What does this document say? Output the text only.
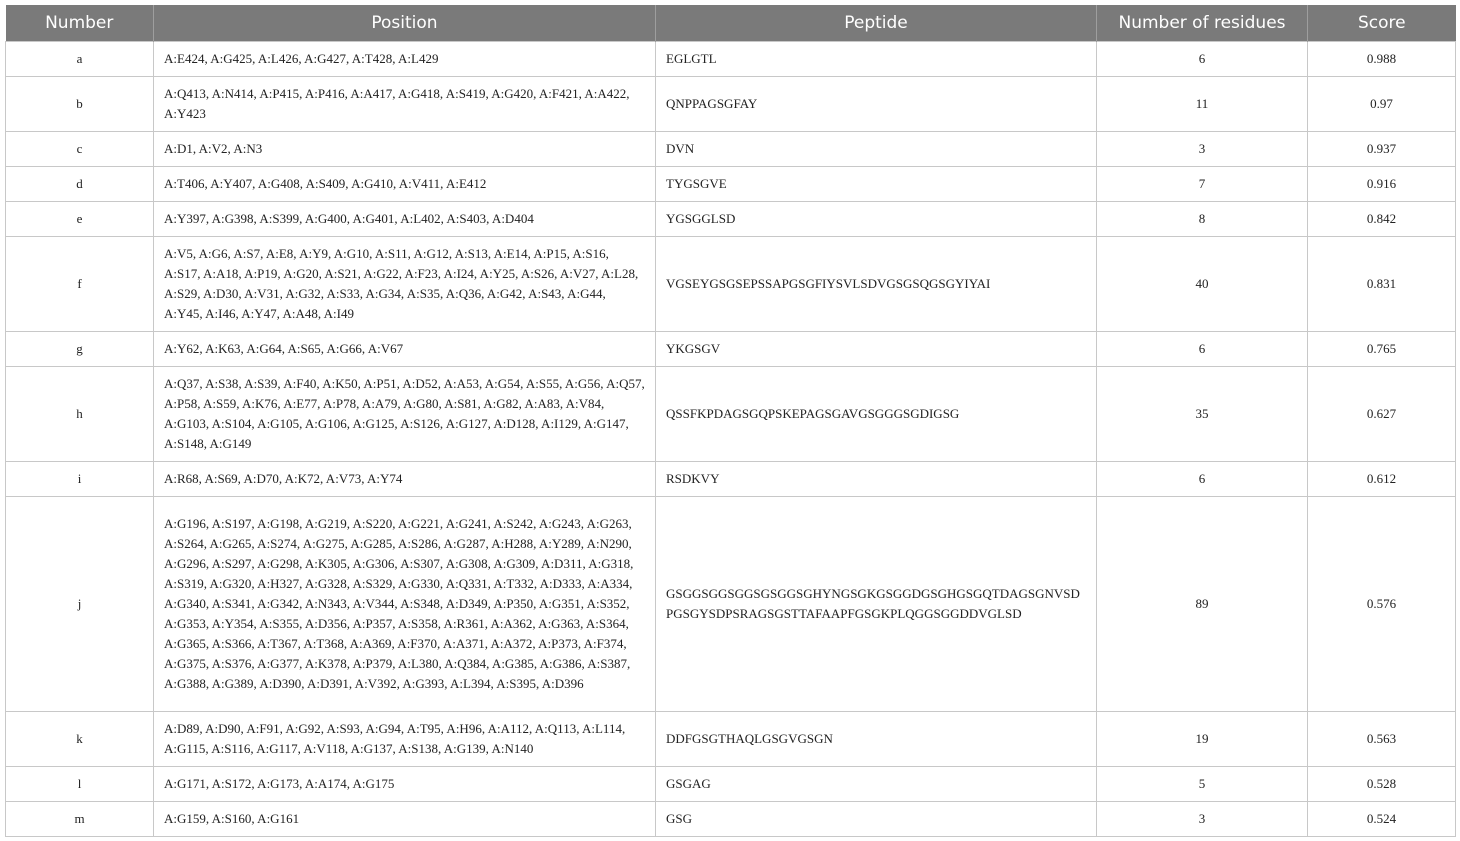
Number	Position	Peptide	Number of residues	Score
a	A:E424, A:G425, A:L426, A:G427, A:T428, A:L429	EGLGTL	6	0.988
b	A:Q413, A:N414, A:P415, A:P416, A:A417, A:G418, A:S419, A:G420, A:F421, A:A422, A:Y423	QNPPAGSGFAY	11	0.97
c	A:D1, A:V2, A:N3	DVN	3	0.937
d	A:T406, A:Y407, A:G408, A:S409, A:G410, A:V411, A:E412	TYGSGVE	7	0.916
e	A:Y397, A:G398, A:S399, A:G400, A:G401, A:L402, A:S403, A:D404	YGSGGLSD	8	0.842
f	A:V5, A:G6, A:S7, A:E8, A:Y9, A:G10, A:S11, A:G12, A:S13, A:E14, A:P15, A:S16, A:S17, A:A18, A:P19, A:G20, A:S21, A:G22, A:F23, A:I24, A:Y25, A:S26, A:V27, A:L28, A:S29, A:D30, A:V31, A:G32, A:S33, A:G34, A:S35, A:Q36, A:G42, A:S43, A:G44, A:Y45, A:I46, A:Y47, A:A48, A:I49	VGSEYGSGSEPSSAPGSGFIYSVLSDVGSGSQGSGYIYAI	40	0.831
g	A:Y62, A:K63, A:G64, A:S65, A:G66, A:V67	YKGSGV	6	0.765
h	A:Q37, A:S38, A:S39, A:F40, A:K50, A:P51, A:D52, A:A53, A:G54, A:S55, A:G56, A:Q57, A:P58, A:S59, A:K76, A:E77, A:P78, A:A79, A:G80, A:S81, A:G82, A:A83, A:V84, A:G103, A:S104, A:G105, A:G106, A:G125, A:S126, A:G127, A:D128, A:I129, A:G147, A:S148, A:G149	QSSFKPDAGSGQPSKEPAGSGAVGSGGGSGDIGSG	35	0.627
i	A:R68, A:S69, A:D70, A:K72, A:V73, A:Y74	RSDKVY	6	0.612
j	A:G196, A:S197, A:G198, A:G219, A:S220, A:G221, A:G241, A:S242, A:G243, A:G263, A:S264, A:G265, A:S274, A:G275, A:G285, A:S286, A:G287, A:H288, A:Y289, A:N290, A:G296, A:S297, A:G298, A:K305, A:G306, A:S307, A:G308, A:G309, A:D311, A:G318, A:S319, A:G320, A:H327, A:G328, A:S329, A:G330, A:Q331, A:T332, A:D333, A:A334, A:G340, A:S341, A:G342, A:N343, A:V344, A:S348, A:D349, A:P350, A:G351, A:S352, A:G353, A:Y354, A:S355, A:D356, A:P357, A:S358, A:R361, A:A362, A:G363, A:S364, A:G365, A:S366, A:T367, A:T368, A:A369, A:F370, A:A371, A:A372, A:P373, A:F374, A:G375, A:S376, A:G377, A:K378, A:P379, A:L380, A:Q384, A:G385, A:G386, A:S387, A:G388, A:G389, A:D390, A:D391, A:V392, A:G393, A:L394, A:S395, A:D396	GSGGSGGSGGSGSGGSGHYNGSGKGSGGDGSGHGSGQTDAGSGNVSDPGSGYSDPSRAGSGSTTAFAAPFGSGKPLQGGSGGDDVGLSD	89	0.576
k	A:D89, A:D90, A:F91, A:G92, A:S93, A:G94, A:T95, A:H96, A:A112, A:Q113, A:L114, A:G115, A:S116, A:G117, A:V118, A:G137, A:S138, A:G139, A:N140	DDFGSGTHAQLGSGVGSGN	19	0.563
l	A:G171, A:S172, A:G173, A:A174, A:G175	GSGAG	5	0.528
m	A:G159, A:S160, A:G161	GSG	3	0.524
